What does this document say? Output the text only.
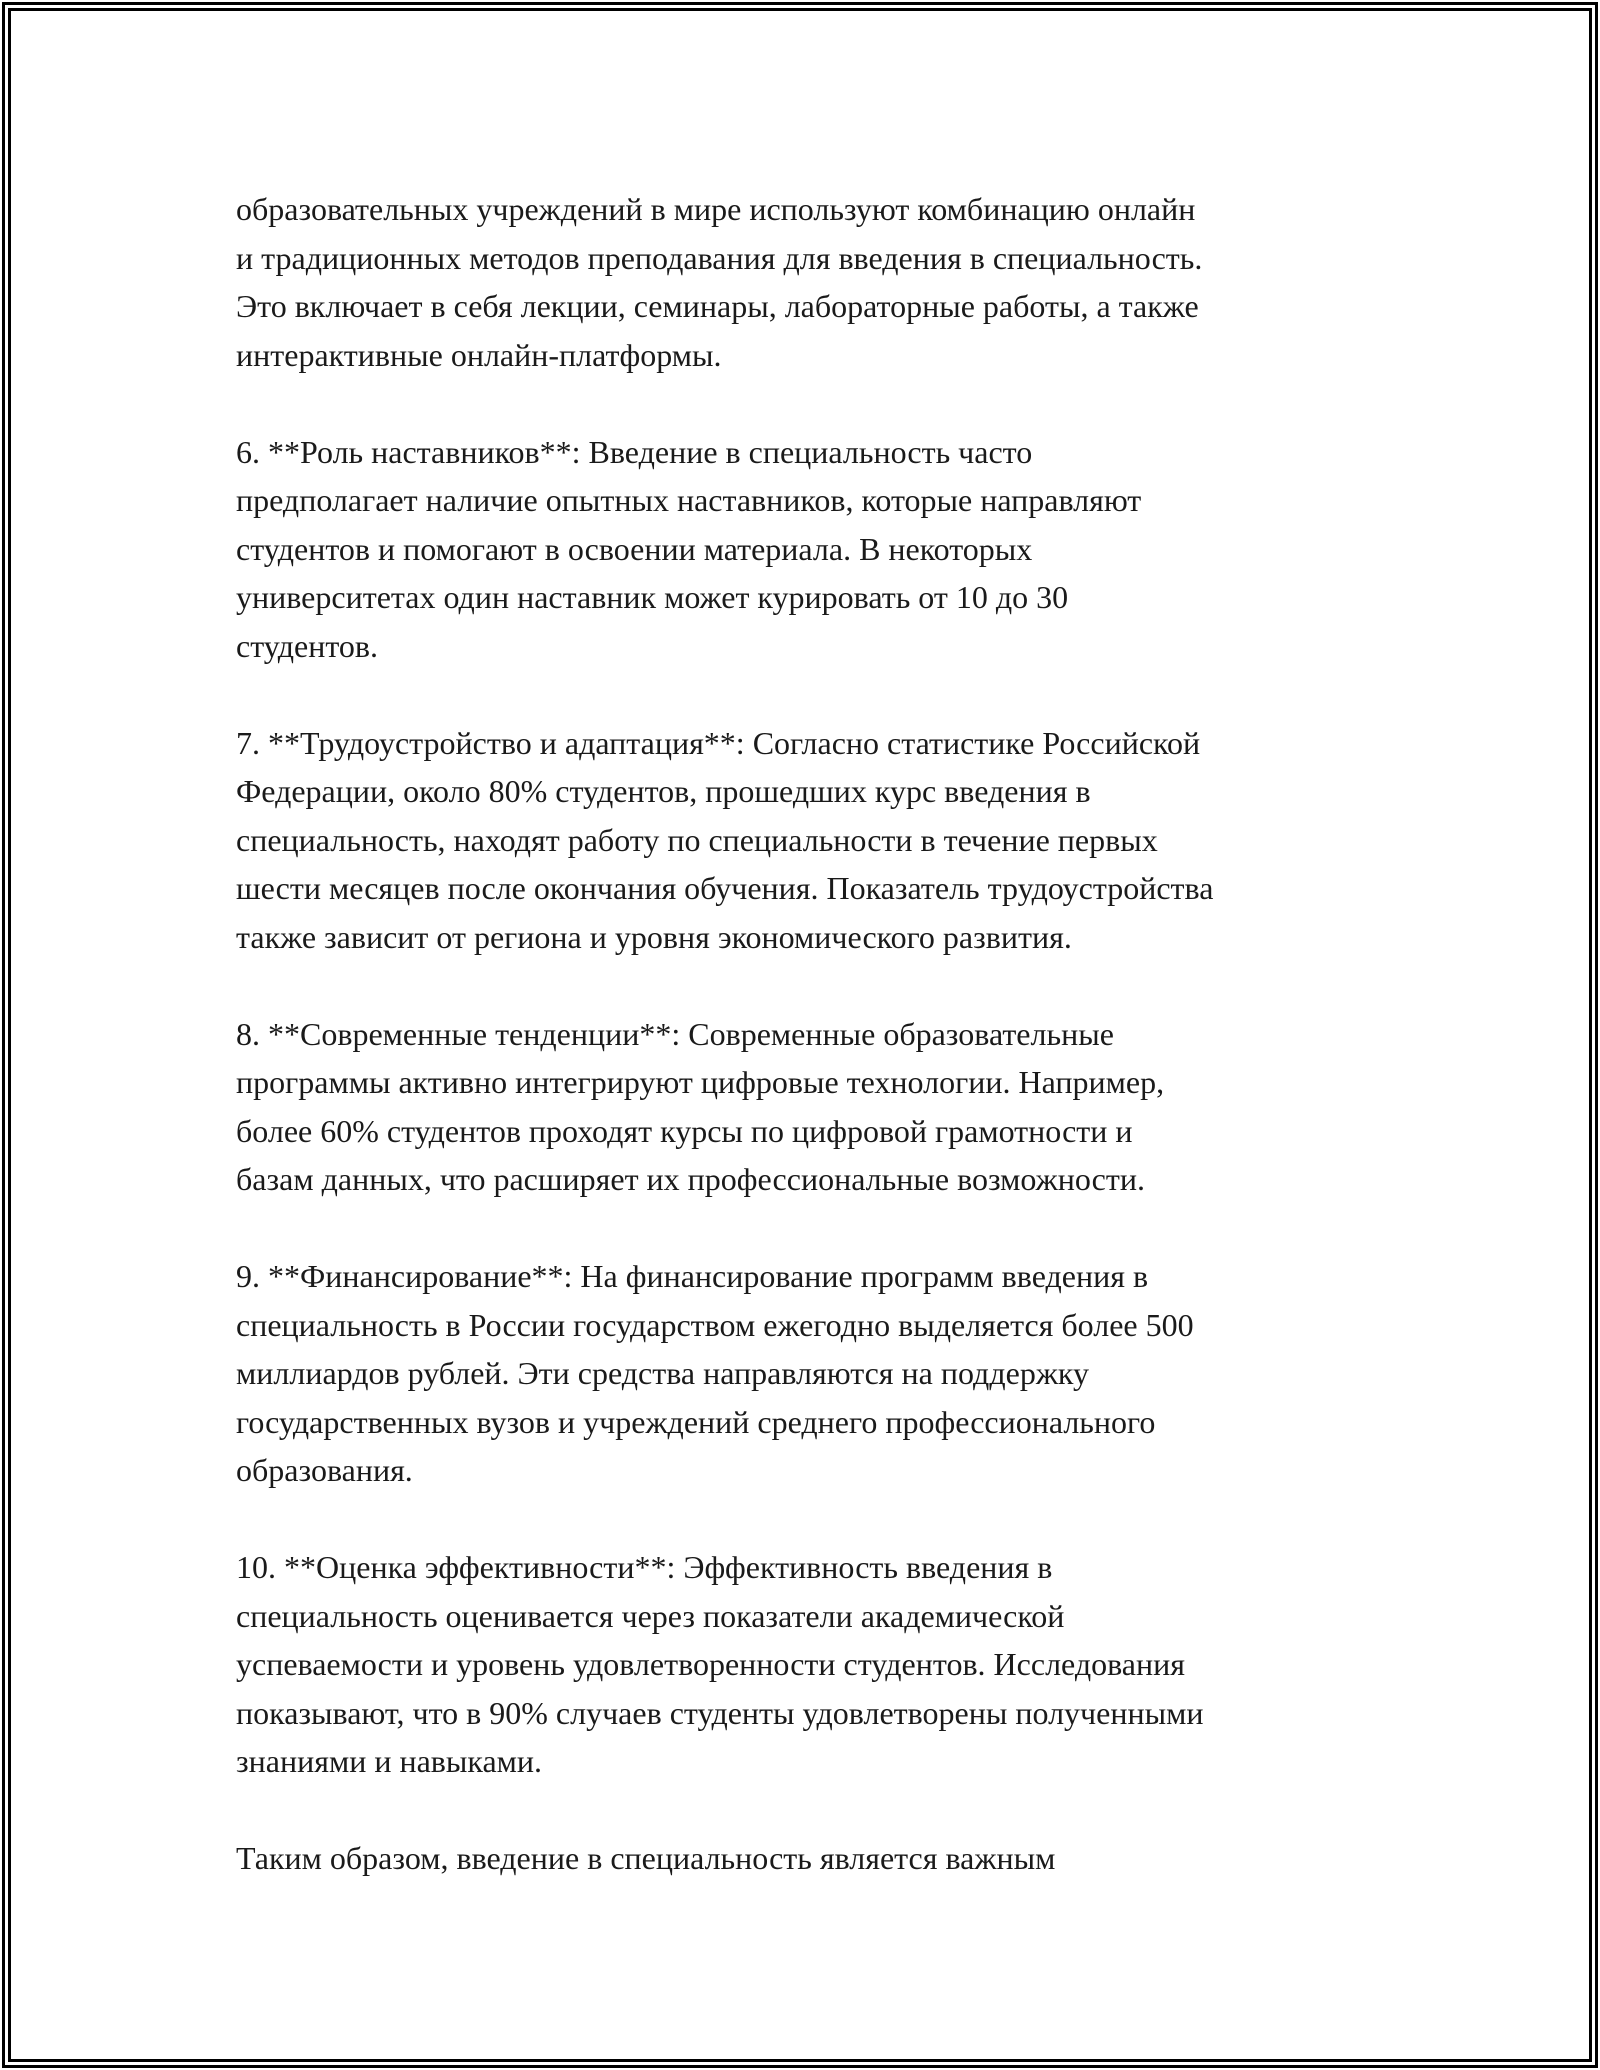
образовательных учреждений в мире используют комбинацию онлайн
и традиционных методов преподавания для введения в специальность.
Это включает в себя лекции, семинары, лабораторные работы, а также
интерактивные онлайн-платформы.

6. **Роль наставников**: Введение в специальность часто
предполагает наличие опытных наставников, которые направляют
студентов и помогают в освоении материала. В некоторых
университетах один наставник может курировать от 10 до 30
студентов.

7. **Трудоустройство и адаптация**: Согласно статистике Российской
Федерации, около 80% студентов, прошедших курс введения в
специальность, находят работу по специальности в течение первых
шести месяцев после окончания обучения. Показатель трудоустройства
также зависит от региона и уровня экономического развития.

8. **Современные тенденции**: Современные образовательные
программы активно интегрируют цифровые технологии. Например,
более 60% студентов проходят курсы по цифровой грамотности и
базам данных, что расширяет их профессиональные возможности.

9. **Финансирование**: На финансирование программ введения в
специальность в России государством ежегодно выделяется более 500
миллиардов рублей. Эти средства направляются на поддержку
государственных вузов и учреждений среднего профессионального
образования.

10. **Оценка эффективности**: Эффективность введения в
специальность оценивается через показатели академической
успеваемости и уровень удовлетворенности студентов. Исследования
показывают, что в 90% случаев студенты удовлетворены полученными
знаниями и навыками.

Таким образом, введение в специальность является важным
